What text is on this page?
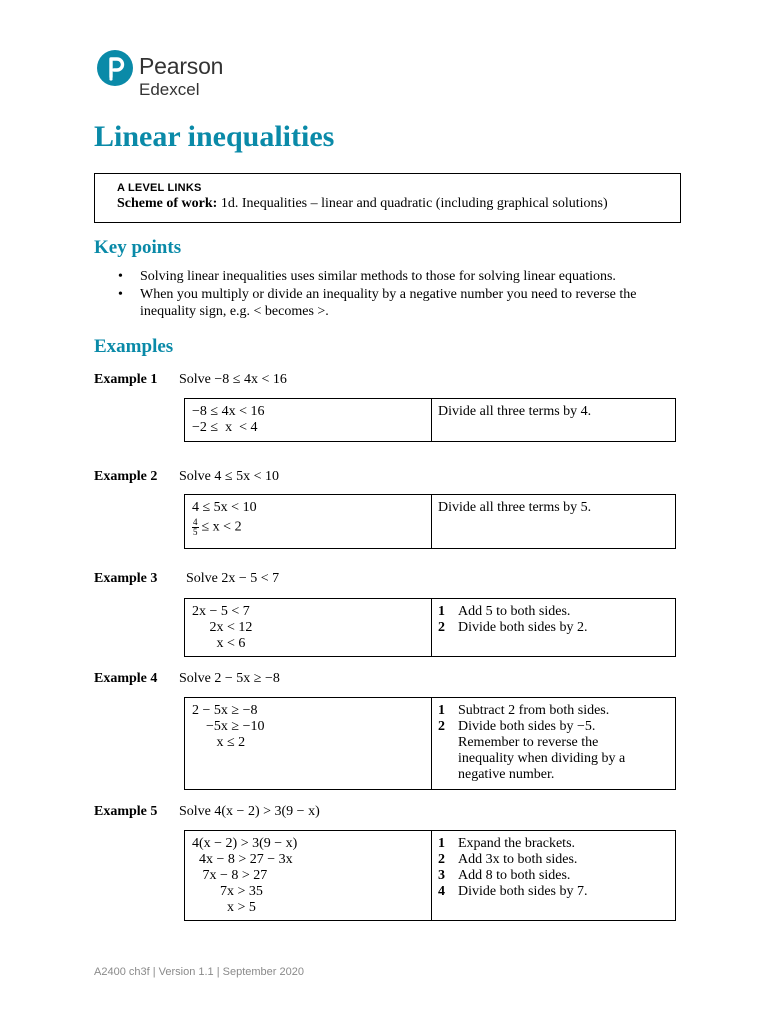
Pearson
Edexcel
Linear inequalities
A LEVEL LINKS
Scheme of work: 1d. Inequalities – linear and quadratic (including graphical solutions)
Key points
• Solving linear inequalities uses similar methods to those for solving linear equations.
• When you multiply or divide an inequality by a negative number you need to reverse the inequality sign, e.g. < becomes >.
Examples
Example 1 Solve −8 ≤ 4x < 16
−8 ≤ 4x < 16
−2 ≤  x  < 4
Divide all three terms by 4.
Example 2 Solve 4 ≤ 5x < 10
4 ≤ 5x < 10
$\frac{4}{5} \le x < 2$
Divide all three terms by 5.
Example 3 Solve 2x − 5 < 7
2x − 5 < 7
2x < 12
x < 6
1 Add 5 to both sides.
2 Divide both sides by 2.
Example 4 Solve 2 − 5x ≥ −8
2 − 5x ≥ −8
−5x ≥ −10
x ≤ 2
1 Subtract 2 from both sides.
2 Divide both sides by −5. Remember to reverse the inequality when dividing by a negative number.
Example 5 Solve 4(x − 2) > 3(9 − x)
4(x − 2) > 3(9 − x)
4x − 8 > 27 − 3x
7x − 8 > 27
7x > 35
x > 5
1 Expand the brackets.
2 Add 3x to both sides.
3 Add 8 to both sides.
4 Divide both sides by 7.
A2400 ch3f | Version 1.1 | September 2020
